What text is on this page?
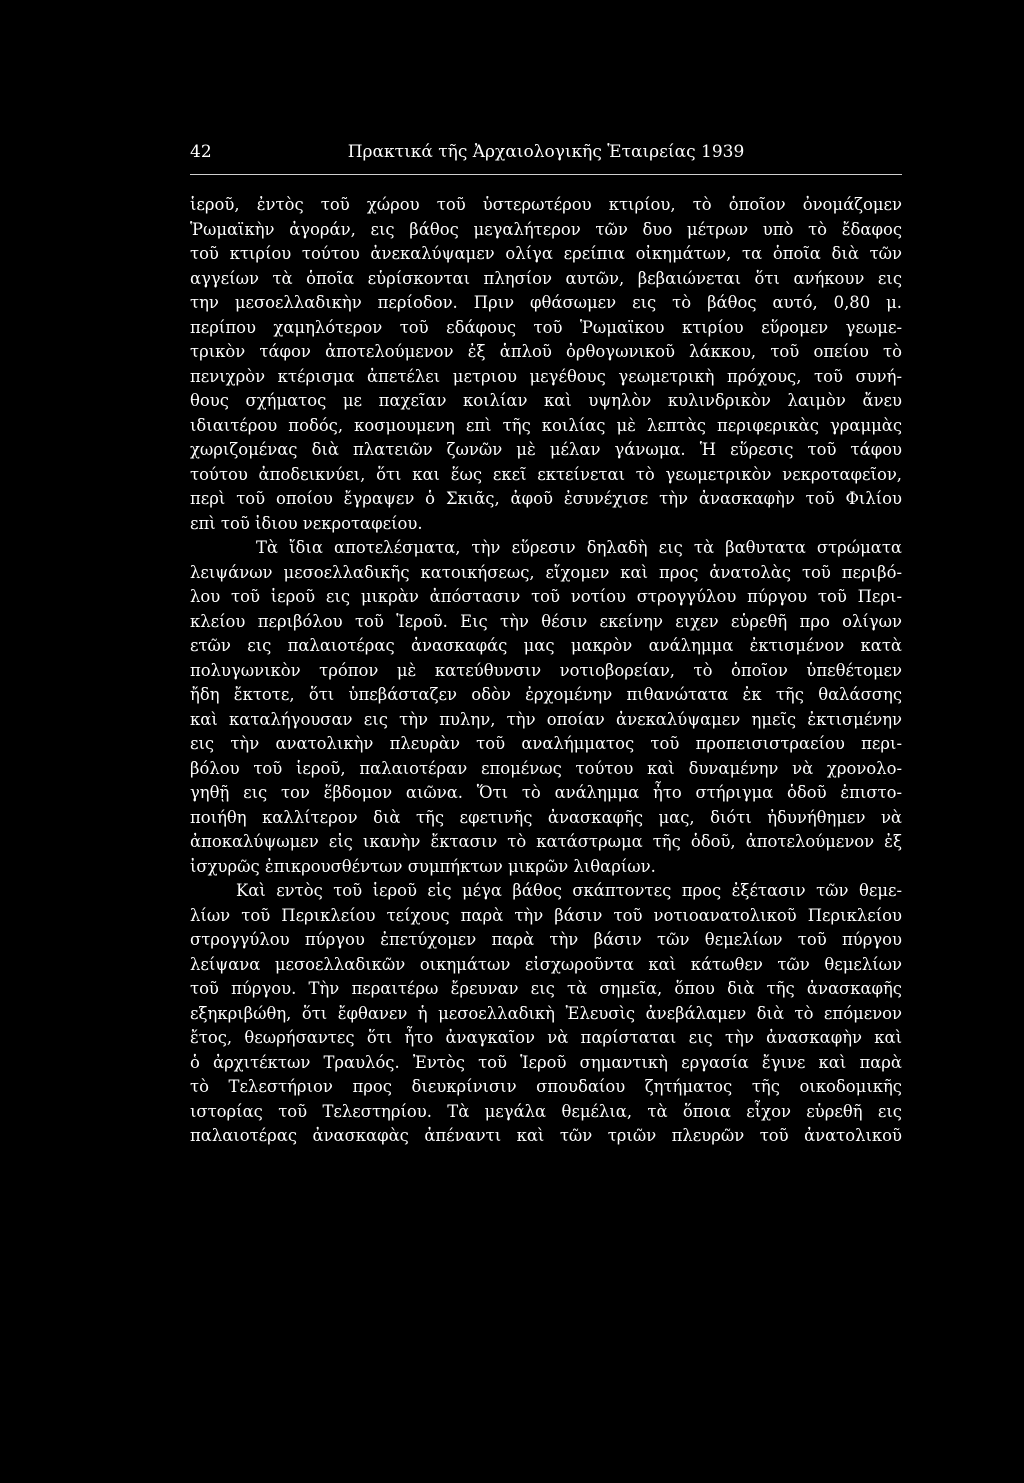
42	Πρακτικά τῆς Ἀρχαιολογικῆς Ἑταιρείας 1939

ἱεροῦ, ἐντὸς τοῦ χώρου τοῦ ὑστερωτέρου κτιρίου, τὸ ὁποῖον ὀνομάζομεν
Ῥωμαϊκὴν ἀγοράν, εις βάθος μεγαλήτερον τῶν δυο μέτρων υπὸ τὸ ἔδαφος
τοῦ κτιρίου τούτου ἀνεκαλύψαμεν ολίγα ερείπια οἰκημάτων, τα ὁποῖα διὰ τῶν
αγγείων τὰ ὁποῖα εὑρίσκονται πλησίον αυτῶν, βεβαιώνεται ὅτι ανήκουν εις
την μεσοελλαδικὴν περίοδον. Πριν φθάσωμεν εις τὸ βάθος αυτό, 0,80 μ.
περίπου χαμηλότερον τοῦ εδάφους τοῦ Ῥωμαϊκου κτιρίου εὕρομεν γεωμε-
τρικὸν τάφον ἀποτελούμενον ἐξ ἁπλοῦ ὀρθογωνικοῦ λάκκου, τοῦ οπείου τὸ
πενιχρὸν κτέρισμα ἀπετέλει μετριου μεγέθους γεωμετρικὴ πρόχους, τοῦ συνή-
θους σχήματος με παχεῖαν κοιλίαν καὶ υψηλὸν κυλινδρικὸν λαιμὸν ἄνευ
ιδιαιτέρου ποδός, κοσμουμενη επὶ τῆς κοιλίας μὲ λεπτὰς περιφερικὰς γραμμὰς
χωριζομένας διὰ πλατειῶν ζωνῶν μὲ μέλαν γάνωμα. Ἡ εὕρεσις τοῦ τάφου
τούτου ἀποδεικνύει, ὅτι και ἕως εκεῖ εκτείνεται τὸ γεωμετρικὸν νεκροταφεῖον,
περὶ τοῦ οποίου ἔγραψεν ὁ Σκιᾶς, ἀφοῦ ἐσυνέχισε τὴν ἀνασκαφὴν τοῦ Φιλίου
επὶ τοῦ ἰδιου νεκροταφείου.

Τὰ ἴδια αποτελέσματα, τὴν εὕρεσιν δηλαδὴ εις τὰ βαθυτατα στρώματα
λειψάνων μεσοελλαδικῆς κατοικήσεως, εἴχομεν καὶ προς ἀνατολὰς τοῦ περιβό-
λου τοῦ ἱεροῦ εις μικρὰν ἀπόστασιν τοῦ νοτίου στρογγύλου πύργου τοῦ Περι-
κλείου περιβόλου τοῦ Ἱεροῦ. Εις τὴν θέσιν εκείνην ειχεν εὑρεθῆ προ ολίγων
ετῶν εις παλαιοτέρας ἀνασκαφάς μας μακρὸν ανάλημμα ἐκτισμένον κατὰ
πολυγωνικὸν τρόπον μὲ κατεύθυνσιν νοτιοβορείαν, τὸ ὁποῖον ὑπεθέτομεν
ἤδη ἔκτοτε, ὅτι ὑπεβάσταζεν οδὸν ἐρχομένην πιθανώτατα ἐκ τῆς θαλάσσης
καὶ καταλήγουσαν εις τὴν πυλην, τὴν οποίαν ἀνεκαλύψαμεν ημεῖς ἐκτισμένην
εις τὴν ανατολικὴν πλευρὰν τοῦ αναλήμματος τοῦ προπεισιστραείου περι-
βόλου τοῦ ἱεροῦ, παλαιοτέραν επομένως τούτου καὶ δυναμένην νὰ χρονολο-
γηθῇ εις τον ἕβδομον αιῶνα. Ὅτι τὸ ανάλημμα ἦτο στήριγμα ὁδοῦ ἐπιστο-
ποιήθη καλλίτερον διὰ τῆς εφετινῆς ἀνασκαφῆς μας, διότι ἠδυνήθημεν νὰ
ἀποκαλύψωμεν εἰς ικανὴν ἔκτασιν τὸ κατάστρωμα τῆς ὁδοῦ, ἀποτελούμενον ἐξ
ἰσχυρῶς ἐπικρουσθέντων συμπήκτων μικρῶν λιθαρίων.

Καὶ εντὸς τοῦ ἱεροῦ εἰς μέγα βάθος σκάπτοντες προς ἐξέτασιν τῶν θεμε-
λίων τοῦ Περικλείου τείχους παρὰ τὴν βάσιν τοῦ νοτιοανατολικοῦ Περικλείου
στρογγύλου πύργου ἐπετύχομεν παρὰ τὴν βάσιν τῶν θεμελίων τοῦ πύργου
λείψανα μεσοελλαδικῶν οικημάτων εἰσχωροῦντα καὶ κάτωθεν τῶν θεμελίων
τοῦ πύργου. Τὴν περαιτέρω ἔρευναν εις τὰ σημεῖα, ὅπου διὰ τῆς ἀνασκαφῆς
εξηκριβώθη, ὅτι ἔφθανεν ἡ μεσοελλαδικὴ Ἐλευσὶς ἀνεβάλαμεν διὰ τὸ επόμενον
ἔτος, θεωρήσαντες ὅτι ἦτο ἀναγκαῖον νὰ παρίσταται εις τὴν ἀνασκαφὴν καὶ
ὁ ἀρχιτέκτων Τραυλός. Ἐντὸς τοῦ Ἱεροῦ σημαντικὴ εργασία ἔγινε καὶ παρὰ
τὸ Τελεστήριον προς διευκρίνισιν σπουδαίου ζητήματος τῆς οικοδομικῆς
ιστορίας τοῦ Τελεστηρίου. Τὰ μεγάλα θεμέλια, τὰ ὅποια εἶχον εὑρεθῆ εις
παλαιοτέρας ἀνασκαφὰς ἀπέναντι καὶ τῶν τριῶν πλευρῶν τοῦ ἀνατολικοῦ
